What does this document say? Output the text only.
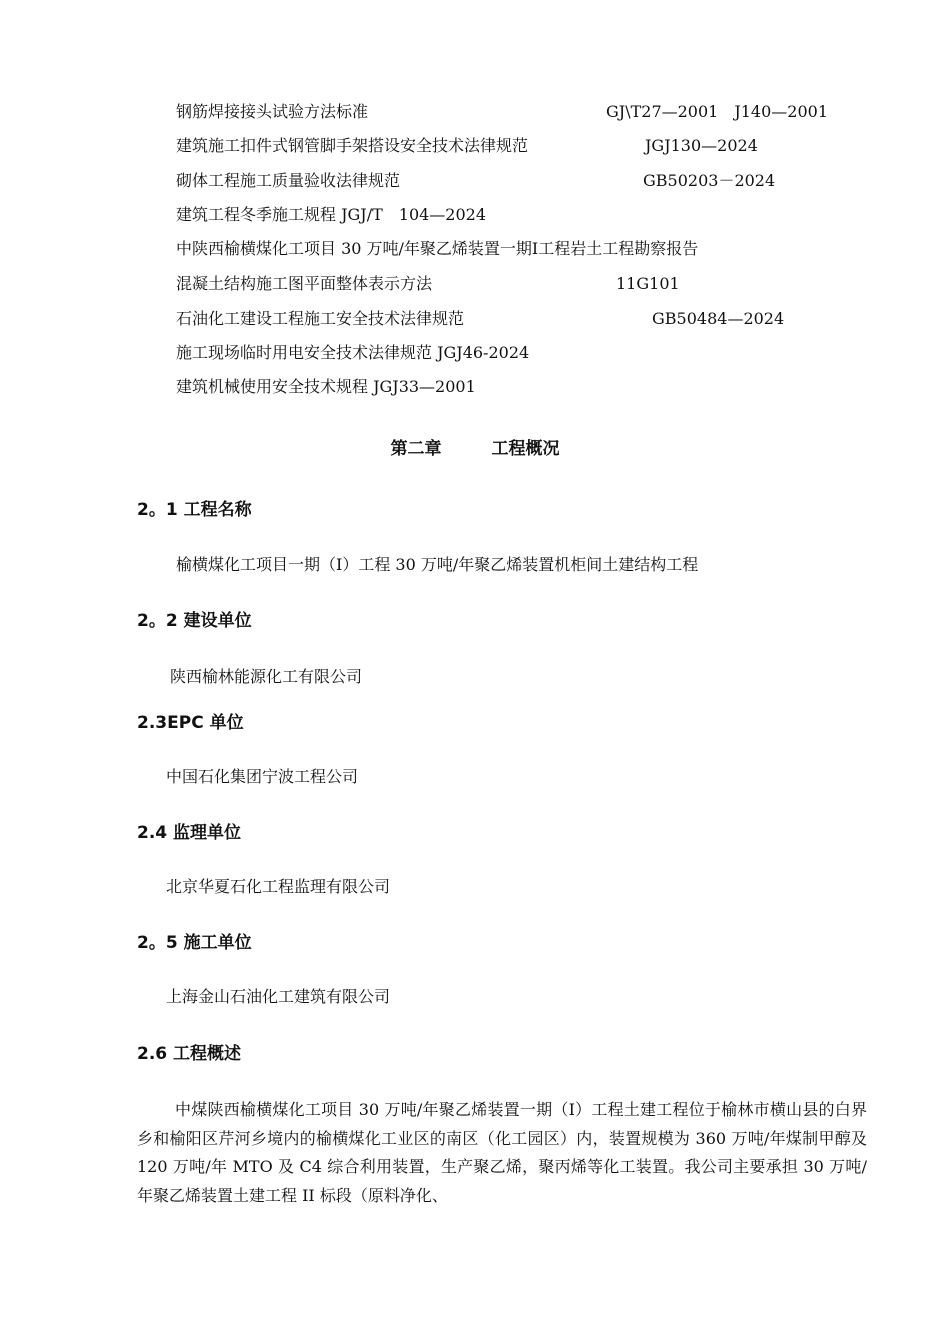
钢筋焊接接头试验方法标准	GJ\T27—2001　J140—2001
建筑施工扣件式钢管脚手架搭设安全技术法律规范	JGJ130—2024
砌体工程施工质量验收法律规范	GB50203－2024
建筑工程冬季施工规程 JGJ/T　104—2024
中陕西榆横煤化工项目 30 万吨/年聚乙烯装置一期Ⅰ工程岩土工程勘察报告
混凝土结构施工图平面整体表示方法	11G101
石油化工建设工程施工安全技术法律规范	GB50484—2024
施工现场临时用电安全技术法律规范 JGJ46-2024
建筑机械使用安全技术规程 JGJ33—2001
第二章	工程概况
2。1 工程名称
榆横煤化工项目一期（I）工程 30 万吨/年聚乙烯装置机柜间土建结构工程
2。2 建设单位
陕西榆林能源化工有限公司
2.3EPC 单位
中国石化集团宁波工程公司
2.4 监理单位
北京华夏石化工程监理有限公司
2。5 施工单位
上海金山石油化工建筑有限公司
2.6 工程概述

中煤陕西榆横煤化工项目 30 万吨/年聚乙烯装置一期（I）工程土建工程位于榆林市横山县的白界乡和榆阳区芹河乡境内的榆横煤化工业区的南区（化工园区）内，装置规模为 360 万吨/年煤制甲醇及 120 万吨/年 MTO 及 C4 综合利用装置，生产聚乙烯，聚丙烯等化工装置。我公司主要承担 30 万吨/年聚乙烯装置土建工程 II 标段（原料净化、
